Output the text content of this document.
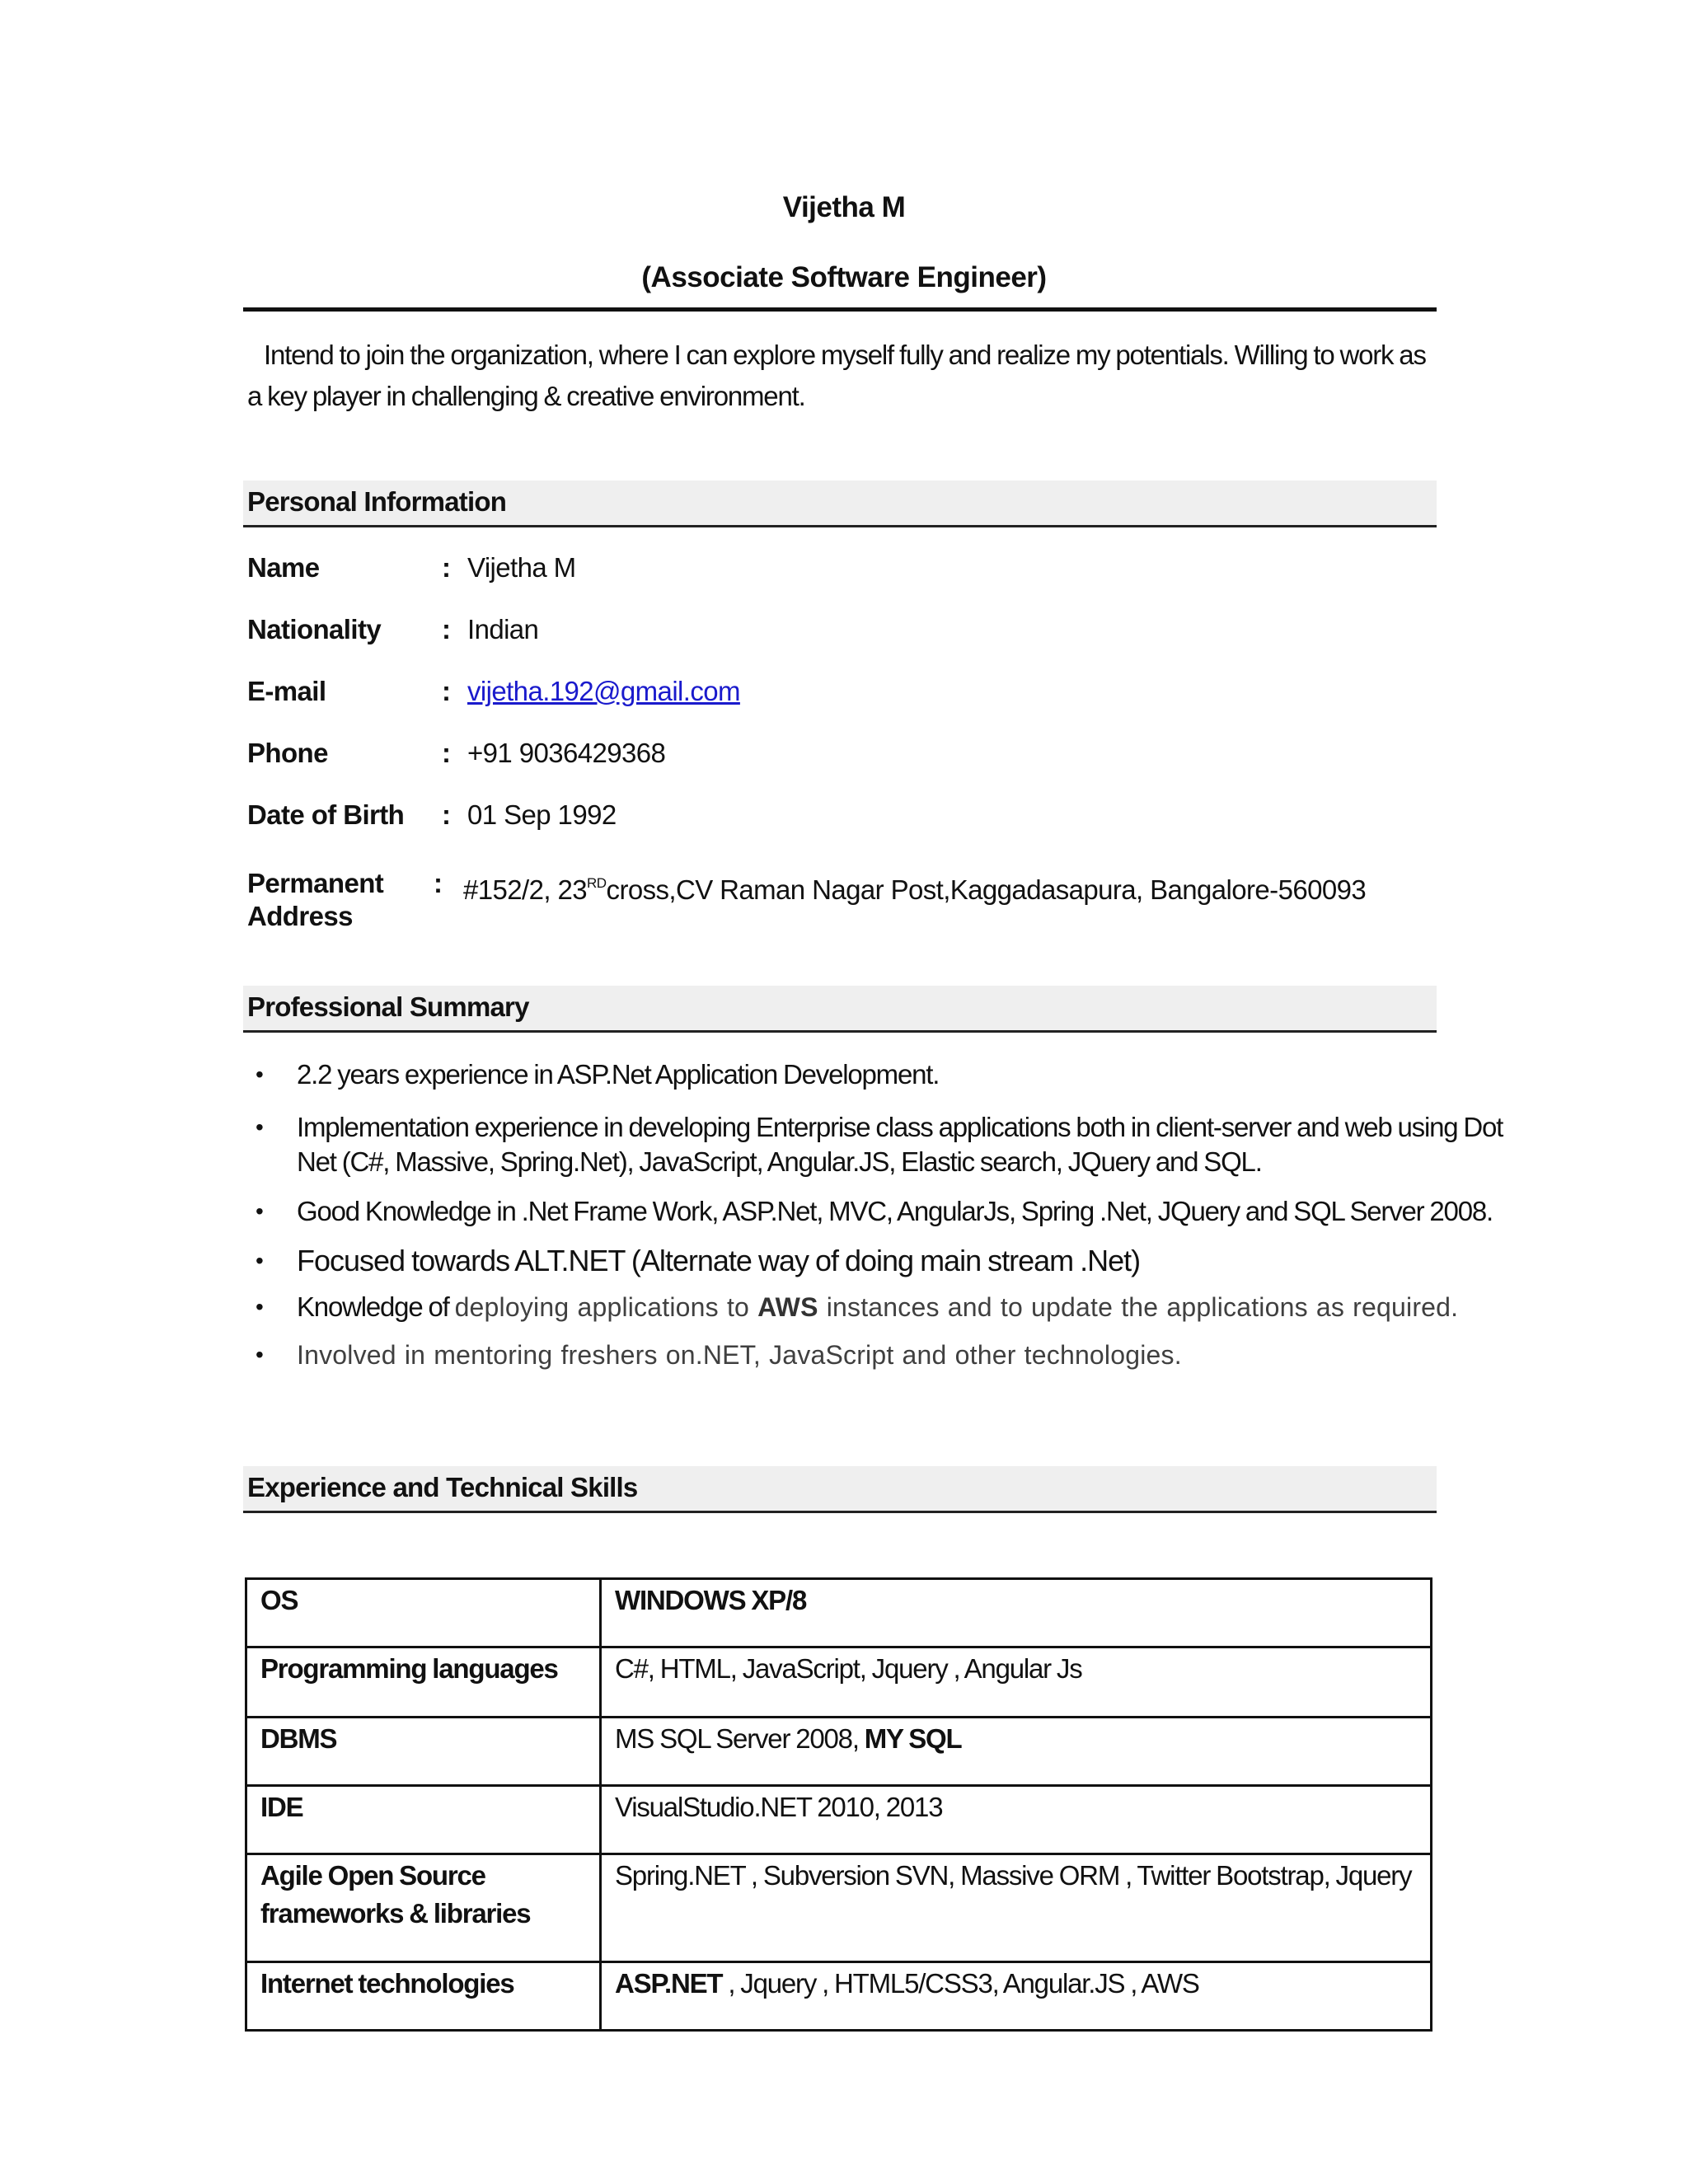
Vijetha M
(Associate Software Engineer)
Intend to join the organization, where I can explore myself fully and realize my potentials. Willing to work as a key player in challenging & creative environment.
Personal Information
Name	: Vijetha M
Nationality : Indian
E-mail	: vijetha.192@gmail.com
Phone	: +91 9036429368
Date of Birth : 01 Sep 1992
Permanent
Address
: #152/2, 23RDcross,CV Raman Nagar Post,Kaggadasapura, Bangalore-560093
Professional Summary
• 2.2 years experience in ASP.Net Application Development.
• Implementation experience in developing Enterprise class applications both in client-server and web using Dot Net (C#, Massive, Spring.Net), JavaScript, Angular.JS, Elastic search, JQuery and SQL.
• Good Knowledge in .Net Frame Work, ASP.Net, MVC, AngularJs, Spring .Net, JQuery and SQL Server 2008.
• Focused towards ALT.NET (Alternate way of doing main stream .Net)
• Knowledge of deploying applications to AWS instances and to update the applications as required.
• Involved in mentoring freshers on.NET, JavaScript and other technologies.
Experience and Technical Skills
OS	WINDOWS XP/8
Programming languages	C#, HTML, JavaScript, Jquery , Angular Js
DBMS	MS SQL Server 2008, MY SQL
IDE	VisualStudio.NET 2010, 2013
Agile Open Source frameworks & libraries	Spring.NET , Subversion SVN, Massive ORM , Twitter Bootstrap, Jquery
Internet technologies	ASP.NET , Jquery , HTML5/CSS3, Angular.JS , AWS
